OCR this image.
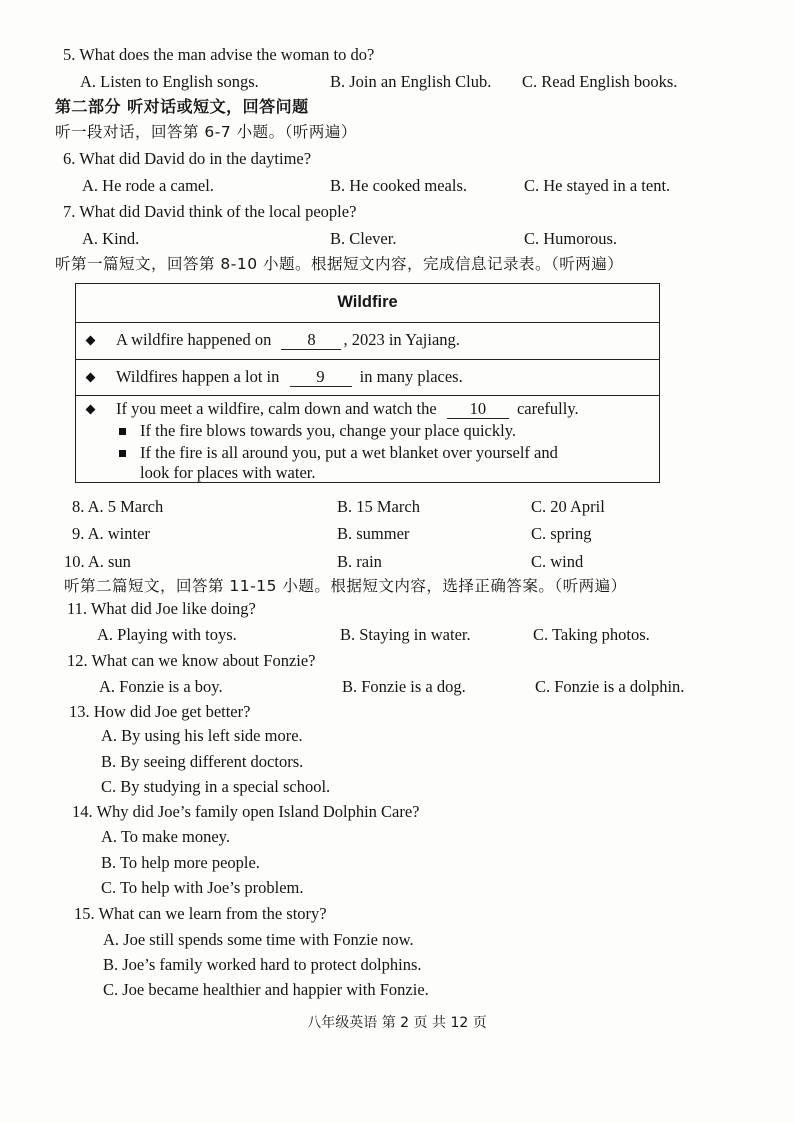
5. What does the man advise the woman to do?
A. Listen to English songs.	B. Join an English Club. C. Read English books.
第二部分 听对话或短文，回答问题
听一段对话，回答第 6-7 小题。（听两遍）
6. What did David do in the daytime?
A. He rode a camel.	B. He cooked meals.	C. He stayed in a tent.
7. What did David think of the local people?
A. Kind.	B. Clever.	C. Humorous.
听第一篇短文，回答第 8-10 小题。根据短文内容，完成信息记录表。（听两遍）
Wildfire
A wildfire happened on 8 , 2023 in Yajiang.
Wildfires happen a lot in 9 in many places.
If you meet a wildfire, calm down and watch the 10 carefully.
If the fire blows towards you, change your place quickly.
If the fire is all around you, put a wet blanket over yourself and
look for places with water.
8. A. 5 March	B. 15 March	C. 20 April
9. A. winter	B. summer	C. spring
10. A. sun	B. rain	C. wind
听第二篇短文，回答第 11-15 小题。根据短文内容，选择正确答案。（听两遍）
11. What did Joe like doing?
A. Playing with toys.	B. Staying in water.	C. Taking photos.
12. What can we know about Fonzie?
A. Fonzie is a boy.	B. Fonzie is a dog.	C. Fonzie is a dolphin.
13. How did Joe get better?
A. By using his left side more.
B. By seeing different doctors.
C. By studying in a special school.
14. Why did Joe’s family open Island Dolphin Care?
A. To make money.
B. To help more people.
C. To help with Joe’s problem.
15. What can we learn from the story?
A. Joe still spends some time with Fonzie now.
B. Joe’s family worked hard to protect dolphins.
C. Joe became healthier and happier with Fonzie.
八年级英语 第 2 页 共 12 页
